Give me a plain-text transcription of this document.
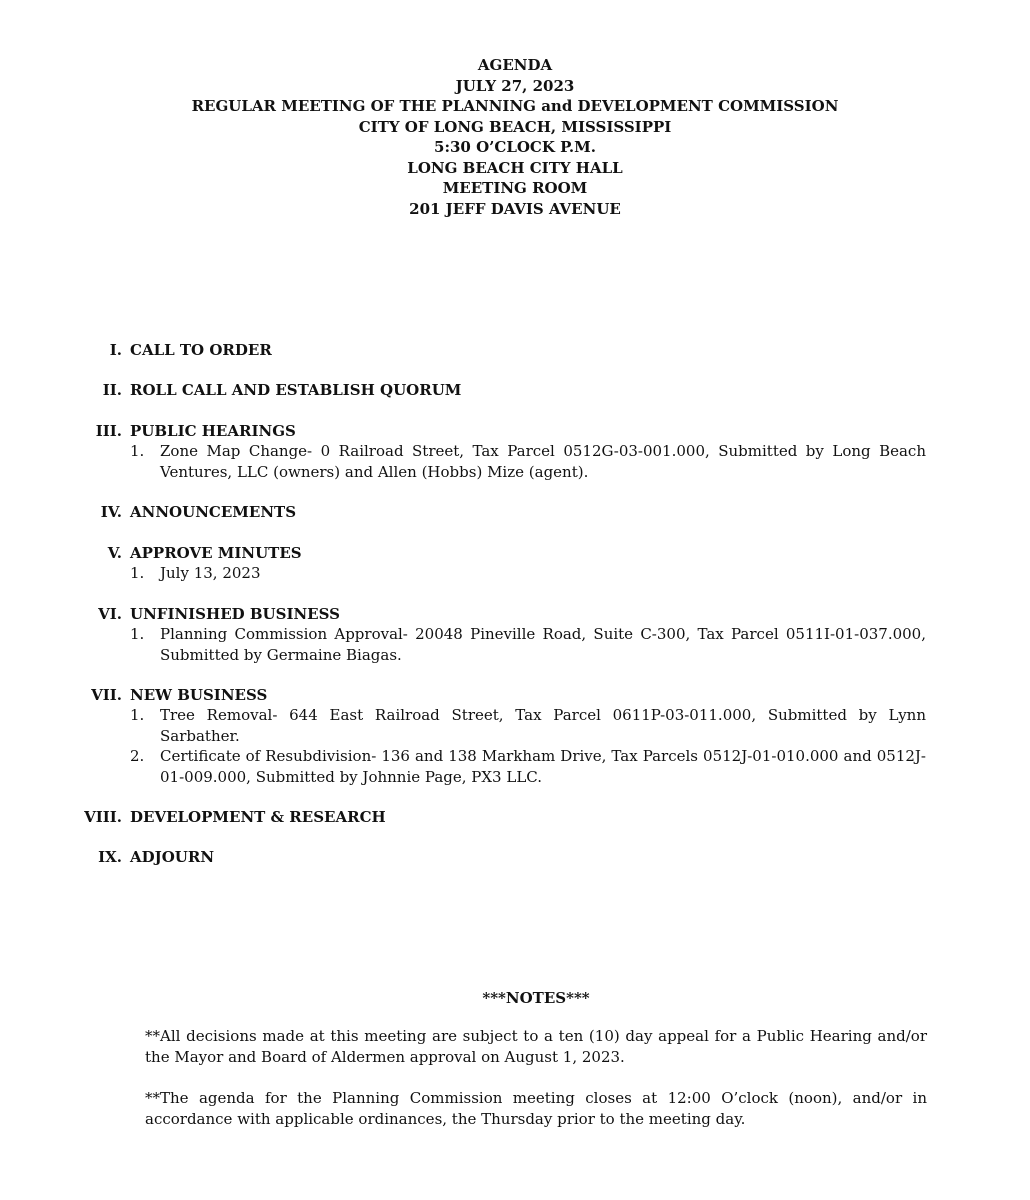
AGENDA
JULY 27, 2023
REGULAR MEETING OF THE PLANNING and DEVELOPMENT COMMISSION
CITY OF LONG BEACH, MISSISSIPPI
5:30 O’CLOCK P.M.
LONG BEACH CITY HALL
MEETING ROOM
201 JEFF DAVIS AVENUE
I. CALL TO ORDER
II. ROLL CALL AND ESTABLISH QUORUM
III. PUBLIC HEARINGS
1. Zone Map Change- 0 Railroad Street, Tax Parcel 0512G-03-001.000, Submitted by Long Beach Ventures, LLC (owners) and Allen (Hobbs) Mize (agent).
IV. ANNOUNCEMENTS
V. APPROVE MINUTES
1. July 13, 2023
VI. UNFINISHED BUSINESS
1. Planning Commission Approval- 20048 Pineville Road, Suite C-300, Tax Parcel 0511I-01-037.000, Submitted by Germaine Biagas.
VII. NEW BUSINESS
1. Tree Removal- 644 East Railroad Street, Tax Parcel 0611P-03-011.000, Submitted by Lynn Sarbather.
2. Certificate of Resubdivision- 136 and 138 Markham Drive, Tax Parcels 0512J-01-010.000 and 0512J-01-009.000, Submitted by Johnnie Page, PX3 LLC.
VIII. DEVELOPMENT & RESEARCH
IX. ADJOURN
***NOTES***
**All decisions made at this meeting are subject to a ten (10) day appeal for a Public Hearing and/or the Mayor and Board of Aldermen approval on August 1, 2023.
**The agenda for the Planning Commission meeting closes at 12:00 O’clock (noon), and/or in accordance with applicable ordinances, the Thursday prior to the meeting day.
